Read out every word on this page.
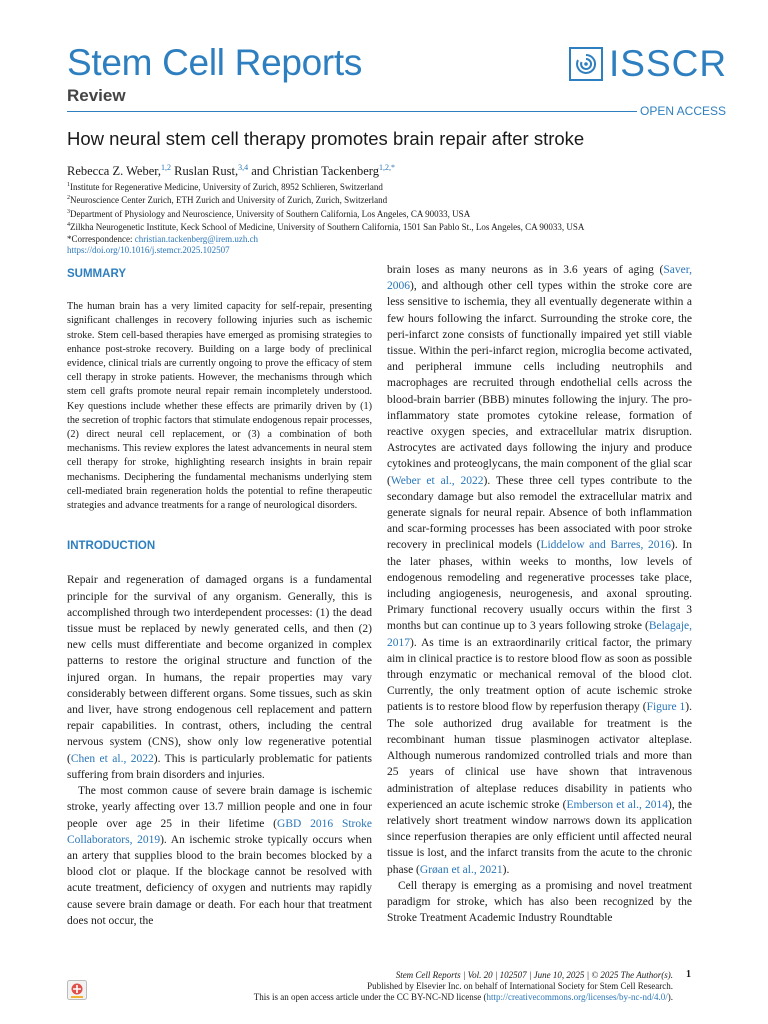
Stem Cell Reports
Review
ISSCR
OPEN ACCESS
How neural stem cell therapy promotes brain repair after stroke
Rebecca Z. Weber,$^{1,2}$ Ruslan Rust,$^{3,4}$ and Christian Tackenberg$^{1,2,*}$
$^1$Institute for Regenerative Medicine, University of Zurich, 8952 Schlieren, Switzerland
$^2$Neuroscience Center Zurich, ETH Zurich and University of Zurich, Zurich, Switzerland
$^3$Department of Physiology and Neuroscience, University of Southern California, Los Angeles, CA 90033, USA
$^4$Zilkha Neurogenetic Institute, Keck School of Medicine, University of Southern California, 1501 San Pablo St., Los Angeles, CA 90033, USA
*Correspondence: christian.tackenberg@irem.uzh.ch
https://doi.org/10.1016/j.stemcr.2025.102507

SUMMARY

The human brain has a very limited capacity for self-repair, presenting significant challenges in recovery following injuries such as ischemic stroke. Stem cell-based therapies have emerged as promising strategies to enhance post-stroke recovery. Building on a large body of preclinical evidence, clinical trials are currently ongoing to prove the efficacy of stem cell therapy in stroke patients. However, the mechanisms through which stem cell grafts promote neural repair remain incompletely understood. Key questions include whether these effects are primarily driven by (1) the secretion of trophic factors that stimulate endogenous repair processes, (2) direct neural cell replacement, or (3) a combination of both mechanisms. This review explores the latest advancements in neural stem cell therapy for stroke, highlighting research insights in brain repair mechanisms. Deciphering the fundamental mechanisms underlying stem cell-mediated brain regeneration holds the potential to refine therapeutic strategies and advance treatments for a range of neurological disorders.

INTRODUCTION

Repair and regeneration of damaged organs is a fundamental principle for the survival of any organism. Generally, this is accomplished through two interdependent processes: (1) the dead tissue must be replaced by newly generated cells, and then (2) new cells must differentiate and become organized in complex patterns to restore the original structure and function of the injured organ. In humans, the repair properties may vary considerably between different organs. Some tissues, such as skin and liver, have strong endogenous cell replacement and pattern repair capabilities. In contrast, others, including the central nervous system (CNS), show only low regenerative potential (Chen et al., 2022). This is particularly problematic for patients suffering from brain disorders and injuries.

The most common cause of severe brain damage is ischemic stroke, yearly affecting over 13.7 million people and one in four people over age 25 in their lifetime (GBD 2016 Stroke Collaborators, 2019). An ischemic stroke typically occurs when an artery that supplies blood to the brain becomes blocked by a blood clot or plaque. If the blockage cannot be resolved with acute treatment, deficiency of oxygen and nutrients may rapidly cause severe brain damage or death. For each hour that treatment does not occur, the

brain loses as many neurons as in 3.6 years of aging (Saver, 2006), and although other cell types within the stroke core are less sensitive to ischemia, they all eventually degenerate within a few hours following the infarct. Surrounding the stroke core, the peri-infarct zone consists of functionally impaired yet still viable tissue. Within the peri-infarct region, microglia become activated, and peripheral immune cells including neutrophils and macrophages are recruited through endothelial cells across the blood-brain barrier (BBB) minutes following the injury. The pro-inflammatory state promotes cytokine release, formation of reactive oxygen species, and extracellular matrix disruption. Astrocytes are activated days following the injury and produce cytokines and proteoglycans, the main component of the glial scar (Weber et al., 2022). These three cell types contribute to the secondary damage but also remodel the extracellular matrix and generate signals for neural repair. Absence of both inflammation and scar-forming processes has been associated with poor stroke recovery in preclinical models (Liddelow and Barres, 2016). In the later phases, within weeks to months, low levels of endogenous remodeling and regenerative processes take place, including angiogenesis, neurogenesis, and axonal sprouting. Primary functional recovery usually occurs within the first 3 months but can continue up to 3 years following stroke (Belagaje, 2017). As time is an extraordinarily critical factor, the primary aim in clinical practice is to restore blood flow as soon as possible through enzymatic or mechanical removal of the blood clot. Currently, the only treatment option of acute ischemic stroke patients is to restore blood flow by reperfusion therapy (Figure 1). The sole authorized drug available for treatment is the recombinant human tissue plasminogen activator alteplase. Although numerous randomized controlled trials and more than 25 years of clinical use have shown that intravenous administration of alteplase reduces disability in patients who experienced an acute ischemic stroke (Emberson et al., 2014), the relatively short treatment window narrows down its application since reperfusion therapies are only efficient until affected neural tissue is lost, and the infarct transits from the acute to the chronic phase (Grøan et al., 2021).

Cell therapy is emerging as a promising and novel treatment paradigm for stroke, which has also been recognized by the Stroke Treatment Academic Industry Roundtable

Stem Cell Reports | Vol. 20 | 102507 | June 10, 2025 | © 2025 The Author(s).
Published by Elsevier Inc. on behalf of International Society for Stem Cell Research.
This is an open access article under the CC BY-NC-ND license (http://creativecommons.org/licenses/by-nc-nd/4.0/).
1
